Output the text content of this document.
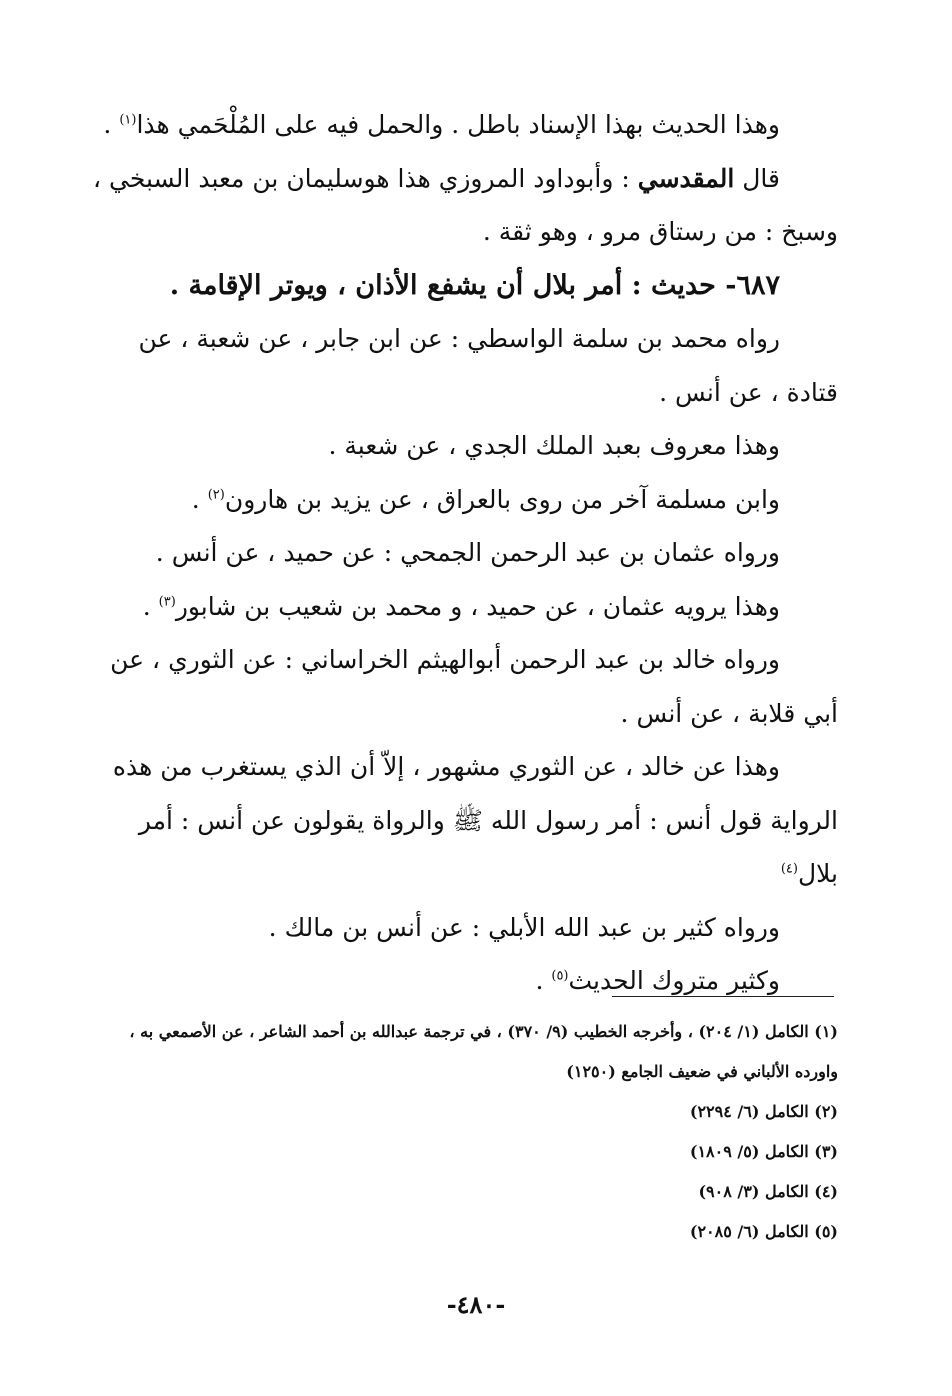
وهذا الحديث بهذا الإسناد باطل . والحمل فيه على المُلْحَمي هذا$^{(١)}$ .

قال المقدسي : وأبوداود المروزي هذا هوسليمان بن معبد السبخي ، وسبخ : من رستاق مرو ، وهو ثقة .

٦٨٧- حديث : أمر بلال أن يشفع الأذان ، ويوتر الإقامة .

رواه محمد بن سلمة الواسطي : عن ابن جابر ، عن شعبة ، عن قتادة ، عن أنس .

وهذا معروف بعبد الملك الجدي ، عن شعبة .

وابن مسلمة آخر من روى بالعراق ، عن يزيد بن هارون$^{(٢)}$ .

ورواه عثمان بن عبد الرحمن الجمحي : عن حميد ، عن أنس .

وهذا يرويه عثمان ، عن حميد ، و محمد بن شعيب بن شابور$^{(٣)}$ .

ورواه خالد بن عبد الرحمن أبوالهيثم الخراساني : عن الثوري ، عن أبي قلابة ، عن أنس .

وهذا عن خالد ، عن الثوري مشهور ، إلاّ أن الذي يستغرب من هذه الرواية قول أنس : أمر رسول الله ﷺ والرواة يقولون عن أنس : أمر بلال$^{(٤)}$

ورواه كثير بن عبد الله الأبلي : عن أنس بن مالك .

وكثير متروك الحديث$^{(٥)}$ .

(١) الكامل (١/ ٢٠٤) ، وأخرجه الخطيب (٩/ ٣٧٠) ، في ترجمة عبدالله بن أحمد الشاعر ، عن الأصمعي به ، واورده الألباني في ضعيف الجامع (١٢٥٠)

(٢) الكامل (٦/ ٢٢٩٤)

(٣) الكامل (٥/ ١٨٠٩)

(٤) الكامل (٣/ ٩٠٨)

(٥) الكامل (٦/ ٢٠٨٥)

-٤٨٠-
